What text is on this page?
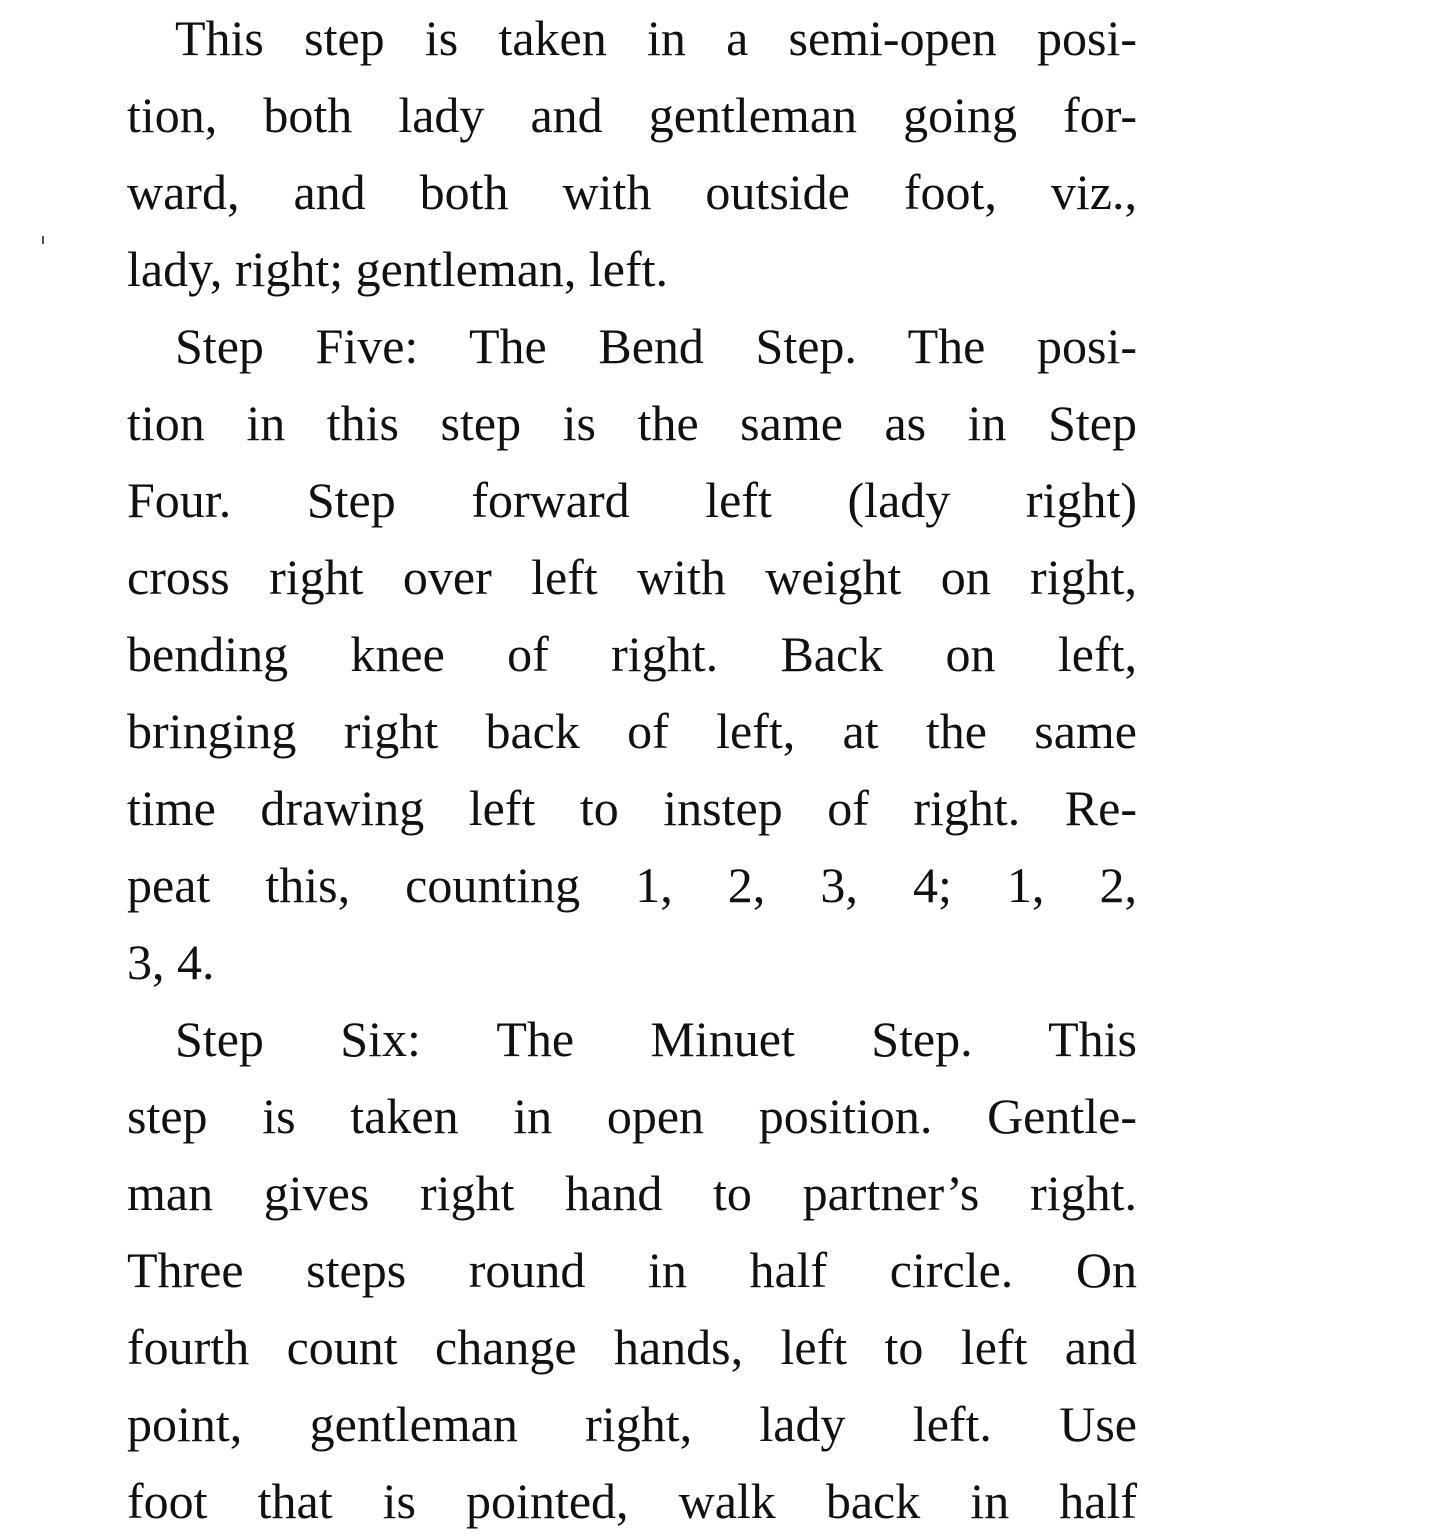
This step is taken in a semi-open posi-
tion, both lady and gentleman going for-
ward, and both with outside foot, viz.,
lady, right; gentleman, left.
Step Five: The Bend Step. The posi-
tion in this step is the same as in Step
Four. Step forward left (lady right)
cross right over left with weight on right,
bending knee of right. Back on left,
bringing right back of left, at the same
time drawing left to instep of right. Re-
peat this, counting 1, 2, 3, 4; 1, 2,
3, 4.
Step Six: The Minuet Step. This
step is taken in open position. Gentle-
man gives right hand to partner’s right.
Three steps round in half circle. On
fourth count change hands, left to left and
point, gentleman right, lady left. Use
foot that is pointed, walk back in half
